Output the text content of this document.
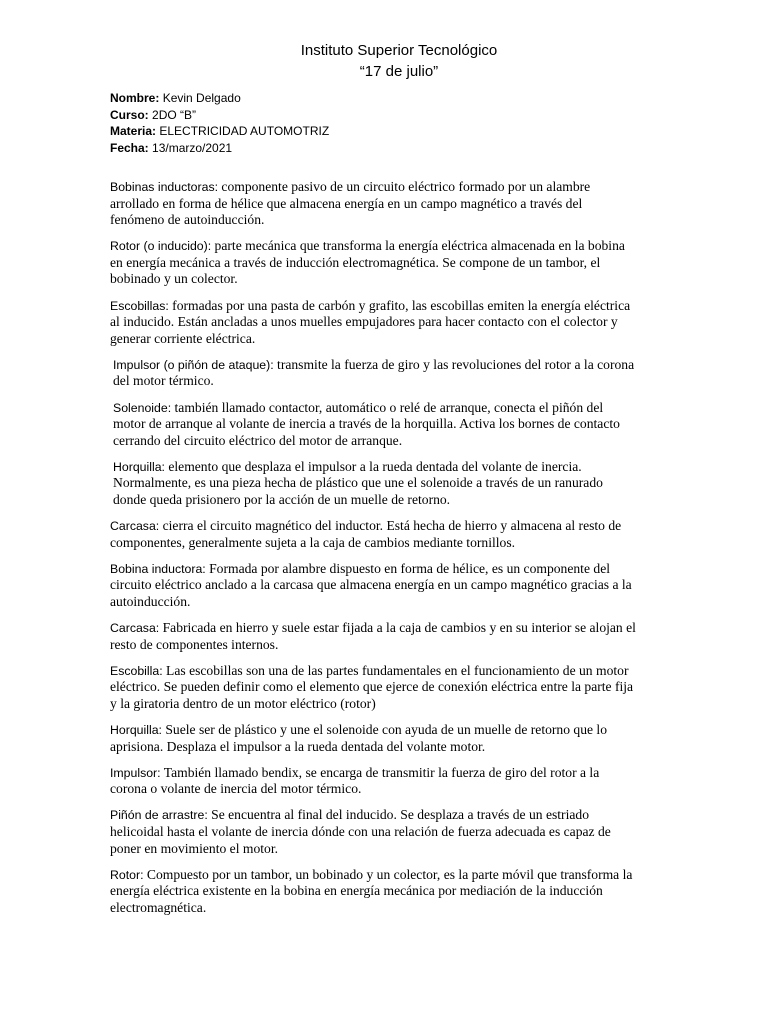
Instituto Superior Tecnológico
“17 de julio”
Nombre: Kevin Delgado
Curso: 2DO “B”
Materia: ELECTRICIDAD AUTOMOTRIZ
Fecha: 13/marzo/2021
Bobinas inductoras: componente pasivo de un circuito eléctrico formado por un alambre
arrollado en forma de hélice que almacena energía en un campo magnético a través del
fenómeno de autoinducción.
Rotor (o inducido): parte mecánica que transforma la energía eléctrica almacenada en la bobina
en energía mecánica a través de inducción electromagnética. Se compone de un tambor, el
bobinado y un colector.
Escobillas: formadas por una pasta de carbón y grafito, las escobillas emiten la energía eléctrica
al inducido. Están ancladas a unos muelles empujadores para hacer contacto con el colector y
generar corriente eléctrica.
Impulsor (o piñón de ataque): transmite la fuerza de giro y las revoluciones del rotor a la corona
del motor térmico.
Solenoide: también llamado contactor, automático o relé de arranque, conecta el piñón del
motor de arranque al volante de inercia a través de la horquilla. Activa los bornes de contacto
cerrando del circuito eléctrico del motor de arranque.
Horquilla: elemento que desplaza el impulsor a la rueda dentada del volante de inercia.
Normalmente, es una pieza hecha de plástico que une el solenoide a través de un ranurado
donde queda prisionero por la acción de un muelle de retorno.
Carcasa: cierra el circuito magnético del inductor. Está hecha de hierro y almacena al resto de
componentes, generalmente sujeta a la caja de cambios mediante tornillos.
Bobina inductora: Formada por alambre dispuesto en forma de hélice, es un componente del
circuito eléctrico anclado a la carcasa que almacena energía en un campo magnético gracias a la
autoinducción.
Carcasa: Fabricada en hierro y suele estar fijada a la caja de cambios y en su interior se alojan el
resto de componentes internos.
Escobilla: Las escobillas son una de las partes fundamentales en el funcionamiento de un motor
eléctrico. Se pueden definir como el elemento que ejerce de conexión eléctrica entre la parte fija
y la giratoria dentro de un motor eléctrico (rotor)
Horquilla: Suele ser de plástico y une el solenoide con ayuda de un muelle de retorno que lo
aprisiona. Desplaza el impulsor a la rueda dentada del volante motor.
Impulsor: También llamado bendix, se encarga de transmitir la fuerza de giro del rotor a la
corona o volante de inercia del motor térmico.
Piñón de arrastre: Se encuentra al final del inducido. Se desplaza a través de un estriado
helicoidal hasta el volante de inercia dónde con una relación de fuerza adecuada es capaz de
poner en movimiento el motor.
Rotor: Compuesto por un tambor, un bobinado y un colector, es la parte móvil que transforma la
energía eléctrica existente en la bobina en energía mecánica por mediación de la inducción
electromagnética.
